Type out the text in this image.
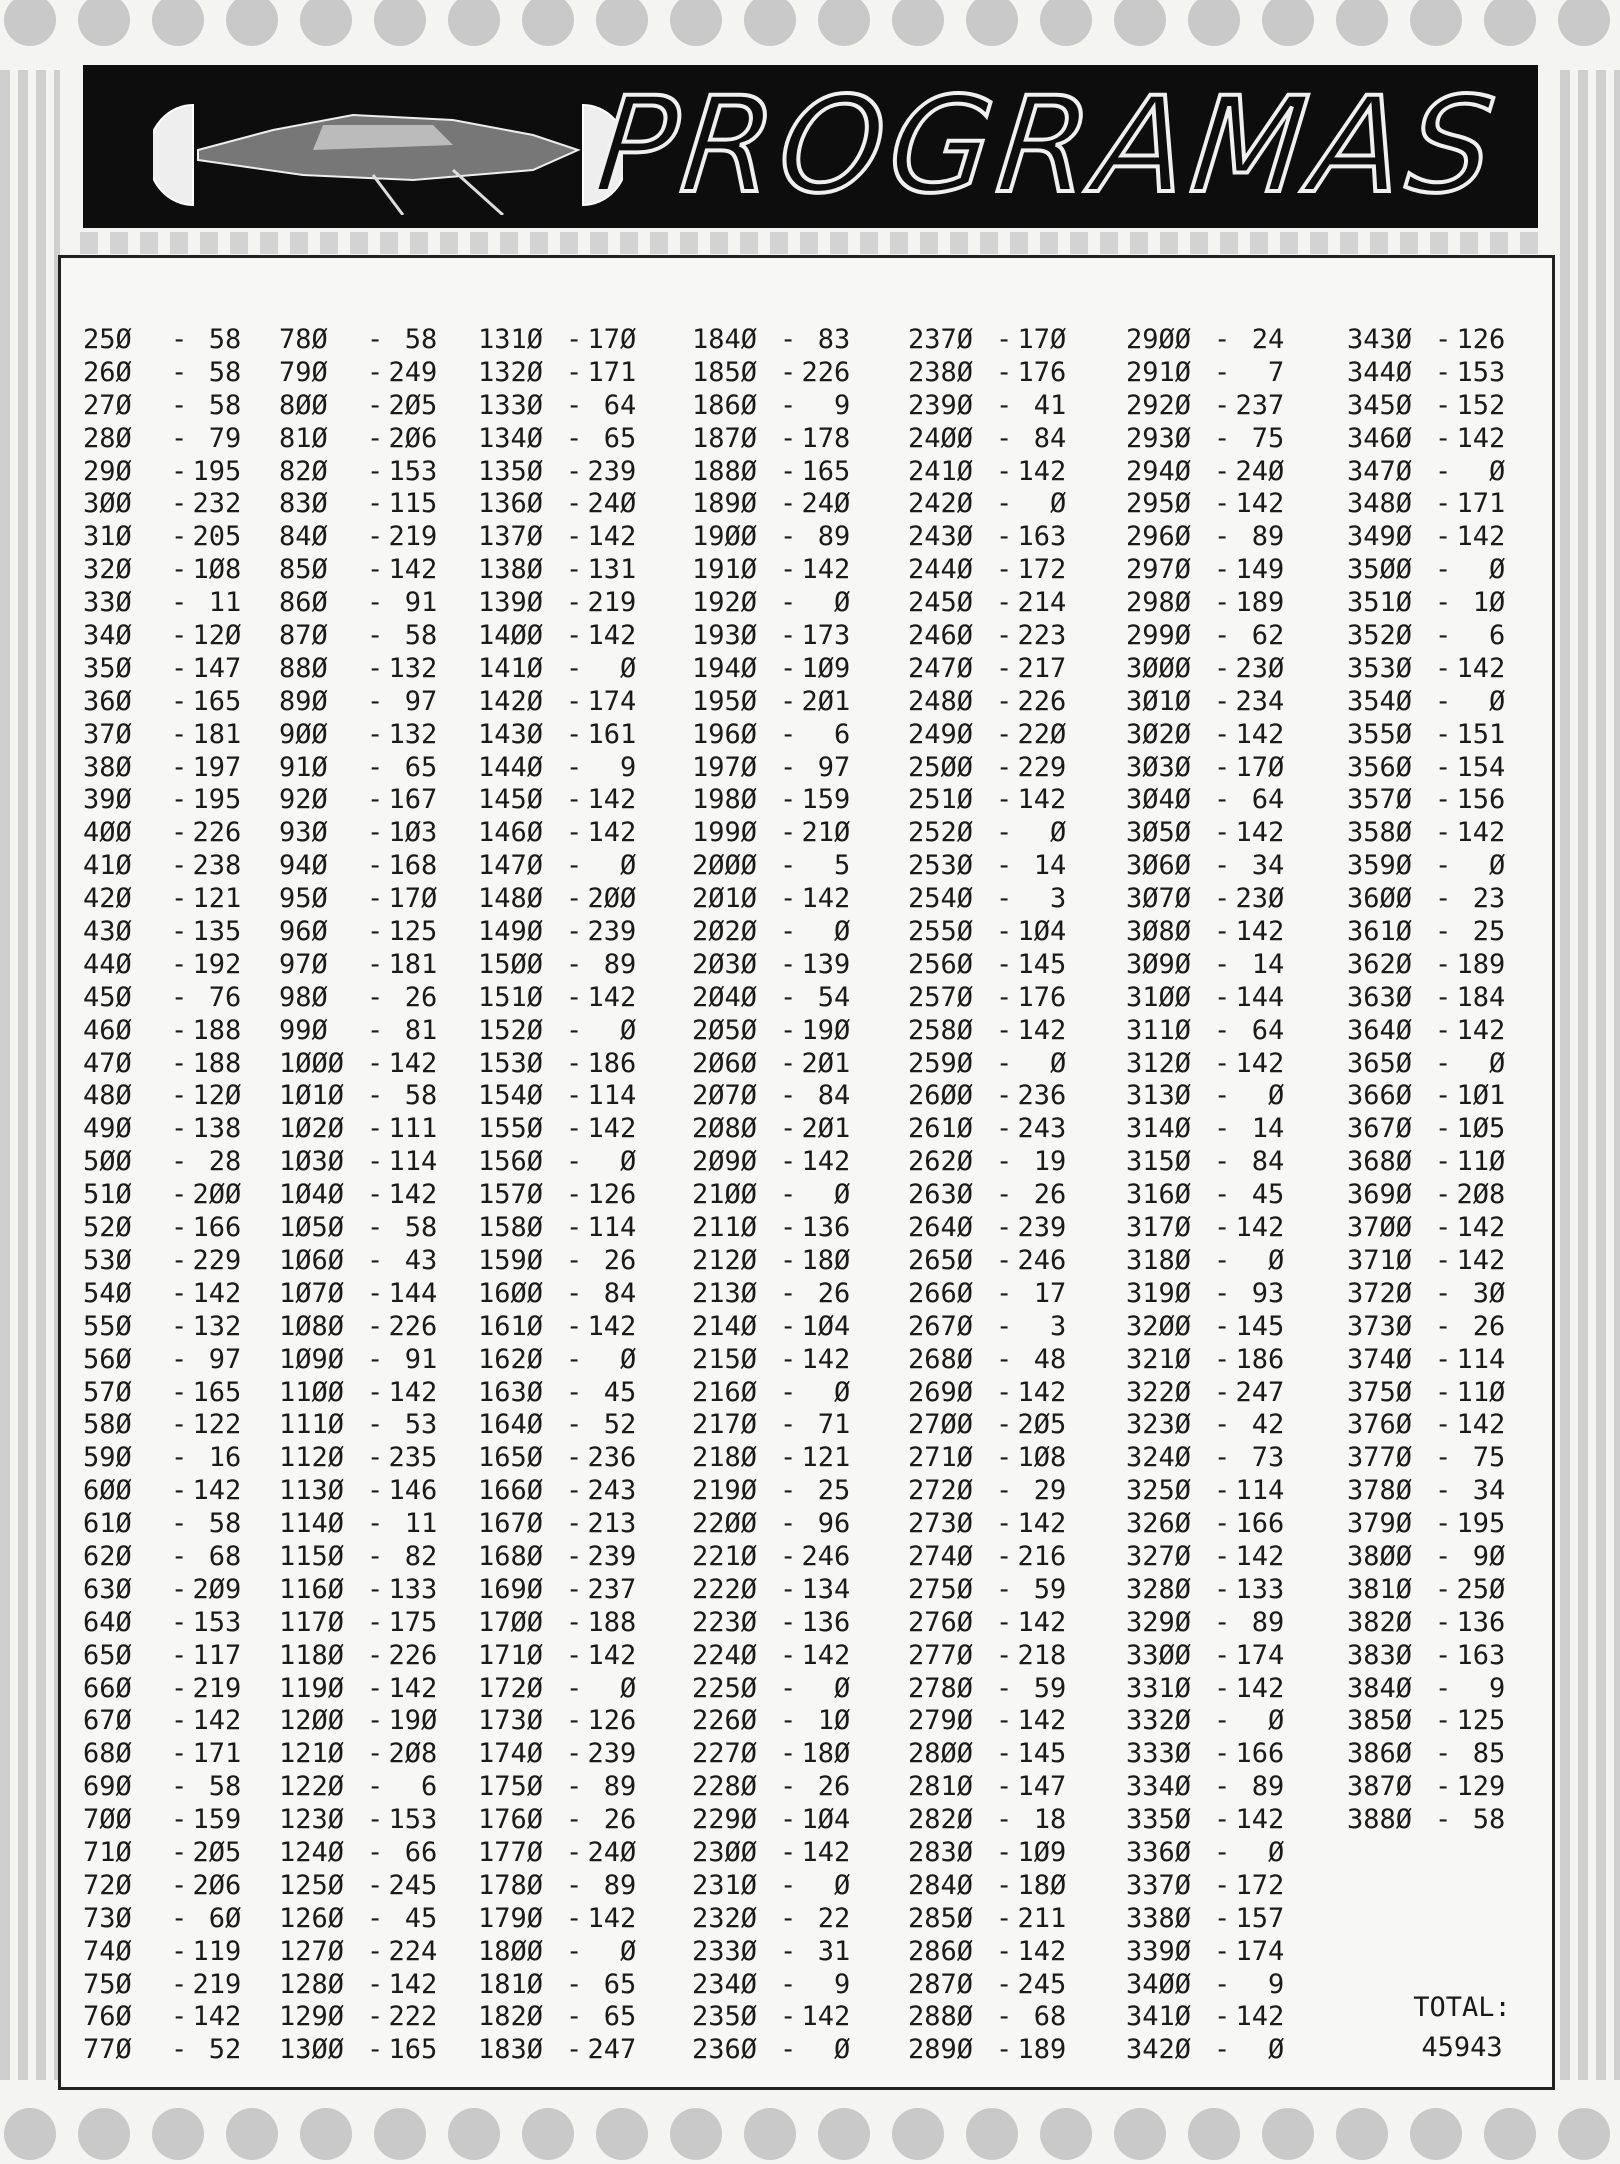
PROGRAMAS
TOTAL:
45943
25Ø - 58
26Ø - 58
27Ø - 58
28Ø - 79
29Ø - 195
3ØØ - 232
31Ø - 205
32Ø - 1Ø8
33Ø - 11
34Ø - 12Ø
35Ø - 147
36Ø - 165
37Ø - 181
38Ø - 197
39Ø - 195
4ØØ - 226
41Ø - 238
42Ø - 121
43Ø - 135
44Ø - 192
45Ø - 76
46Ø - 188
47Ø - 188
48Ø - 12Ø
49Ø - 138
5ØØ - 28
51Ø - 2ØØ
52Ø - 166
53Ø - 229
54Ø - 142
55Ø - 132
56Ø - 97
57Ø - 165
58Ø - 122
59Ø - 16
6ØØ - 142
61Ø - 58
62Ø - 68
63Ø - 2Ø9
64Ø - 153
65Ø - 117
66Ø - 219
67Ø - 142
68Ø - 171
69Ø - 58
7ØØ - 159
71Ø - 2Ø5
72Ø - 2Ø6
73Ø - 6Ø
74Ø - 119
75Ø - 219
76Ø - 142
77Ø - 52
78Ø - 58
79Ø - 249
8ØØ - 2Ø5
81Ø - 2Ø6
82Ø - 153
83Ø - 115
84Ø - 219
85Ø - 142
86Ø - 91
87Ø - 58
88Ø - 132
89Ø - 97
9ØØ - 132
91Ø - 65
92Ø - 167
93Ø - 1Ø3
94Ø - 168
95Ø - 17Ø
96Ø - 125
97Ø - 181
98Ø - 26
99Ø - 81
1ØØØ - 142
1Ø1Ø - 58
1Ø2Ø - 111
1Ø3Ø - 114
1Ø4Ø - 142
1Ø5Ø - 58
1Ø6Ø - 43
1Ø7Ø - 144
1Ø8Ø - 226
1Ø9Ø - 91
11ØØ - 142
111Ø - 53
112Ø - 235
113Ø - 146
114Ø - 11
115Ø - 82
116Ø - 133
117Ø - 175
118Ø - 226
119Ø - 142
12ØØ - 19Ø
121Ø - 2Ø8
122Ø - 6
123Ø - 153
124Ø - 66
125Ø - 245
126Ø - 45
127Ø - 224
128Ø - 142
129Ø - 222
13ØØ - 165
131Ø - 17Ø
132Ø - 171
133Ø - 64
134Ø - 65
135Ø - 239
136Ø - 24Ø
137Ø - 142
138Ø - 131
139Ø - 219
14ØØ - 142
141Ø - Ø
142Ø - 174
143Ø - 161
144Ø - 9
145Ø - 142
146Ø - 142
147Ø - Ø
148Ø - 2ØØ
149Ø - 239
15ØØ - 89
151Ø - 142
152Ø - Ø
153Ø - 186
154Ø - 114
155Ø - 142
156Ø - Ø
157Ø - 126
158Ø - 114
159Ø - 26
16ØØ - 84
161Ø - 142
162Ø - Ø
163Ø - 45
164Ø - 52
165Ø - 236
166Ø - 243
167Ø - 213
168Ø - 239
169Ø - 237
17ØØ - 188
171Ø - 142
172Ø - Ø
173Ø - 126
174Ø - 239
175Ø - 89
176Ø - 26
177Ø - 24Ø
178Ø - 89
179Ø - 142
18ØØ - Ø
181Ø - 65
182Ø - 65
183Ø - 247
184Ø - 83
185Ø - 226
186Ø - 9
187Ø - 178
188Ø - 165
189Ø - 24Ø
19ØØ - 89
191Ø - 142
192Ø - Ø
193Ø - 173
194Ø - 1Ø9
195Ø - 2Ø1
196Ø - 6
197Ø - 97
198Ø - 159
199Ø - 21Ø
2ØØØ - 5
2Ø1Ø - 142
2Ø2Ø - Ø
2Ø3Ø - 139
2Ø4Ø - 54
2Ø5Ø - 19Ø
2Ø6Ø - 2Ø1
2Ø7Ø - 84
2Ø8Ø - 2Ø1
2Ø9Ø - 142
21ØØ - Ø
211Ø - 136
212Ø - 18Ø
213Ø - 26
214Ø - 1Ø4
215Ø - 142
216Ø - Ø
217Ø - 71
218Ø - 121
219Ø - 25
22ØØ - 96
221Ø - 246
222Ø - 134
223Ø - 136
224Ø - 142
225Ø - Ø
226Ø - 1Ø
227Ø - 18Ø
228Ø - 26
229Ø - 1Ø4
23ØØ - 142
231Ø - Ø
232Ø - 22
233Ø - 31
234Ø - 9
235Ø - 142
236Ø - Ø
237Ø - 17Ø
238Ø - 176
239Ø - 41
24ØØ - 84
241Ø - 142
242Ø - Ø
243Ø - 163
244Ø - 172
245Ø - 214
246Ø - 223
247Ø - 217
248Ø - 226
249Ø - 22Ø
25ØØ - 229
251Ø - 142
252Ø - Ø
253Ø - 14
254Ø - 3
255Ø - 1Ø4
256Ø - 145
257Ø - 176
258Ø - 142
259Ø - Ø
26ØØ - 236
261Ø - 243
262Ø - 19
263Ø - 26
264Ø - 239
265Ø - 246
266Ø - 17
267Ø - 3
268Ø - 48
269Ø - 142
27ØØ - 2Ø5
271Ø - 1Ø8
272Ø - 29
273Ø - 142
274Ø - 216
275Ø - 59
276Ø - 142
277Ø - 218
278Ø - 59
279Ø - 142
28ØØ - 145
281Ø - 147
282Ø - 18
283Ø - 1Ø9
284Ø - 18Ø
285Ø - 211
286Ø - 142
287Ø - 245
288Ø - 68
289Ø - 189
29ØØ - 24
291Ø - 7
292Ø - 237
293Ø - 75
294Ø - 24Ø
295Ø - 142
296Ø - 89
297Ø - 149
298Ø - 189
299Ø - 62
3ØØØ - 23Ø
3Ø1Ø - 234
3Ø2Ø - 142
3Ø3Ø - 17Ø
3Ø4Ø - 64
3Ø5Ø - 142
3Ø6Ø - 34
3Ø7Ø - 23Ø
3Ø8Ø - 142
3Ø9Ø - 14
31ØØ - 144
311Ø - 64
312Ø - 142
313Ø - Ø
314Ø - 14
315Ø - 84
316Ø - 45
317Ø - 142
318Ø - Ø
319Ø - 93
32ØØ - 145
321Ø - 186
322Ø - 247
323Ø - 42
324Ø - 73
325Ø - 114
326Ø - 166
327Ø - 142
328Ø - 133
329Ø - 89
33ØØ - 174
331Ø - 142
332Ø - Ø
333Ø - 166
334Ø - 89
335Ø - 142
336Ø - Ø
337Ø - 172
338Ø - 157
339Ø - 174
34ØØ - 9
341Ø - 142
342Ø - Ø
343Ø - 126
344Ø - 153
345Ø - 152
346Ø - 142
347Ø - Ø
348Ø - 171
349Ø - 142
35ØØ - Ø
351Ø - 1Ø
352Ø - 6
353Ø - 142
354Ø - Ø
355Ø - 151
356Ø - 154
357Ø - 156
358Ø - 142
359Ø - Ø
36ØØ - 23
361Ø - 25
362Ø - 189
363Ø - 184
364Ø - 142
365Ø - Ø
366Ø - 1Ø1
367Ø - 1Ø5
368Ø - 11Ø
369Ø - 2Ø8
37ØØ - 142
371Ø - 142
372Ø - 3Ø
373Ø - 26
374Ø - 114
375Ø - 11Ø
376Ø - 142
377Ø - 75
378Ø - 34
379Ø - 195
38ØØ - 9Ø
381Ø - 25Ø
382Ø - 136
383Ø - 163
384Ø - 9
385Ø - 125
386Ø - 85
387Ø - 129
388Ø - 58
